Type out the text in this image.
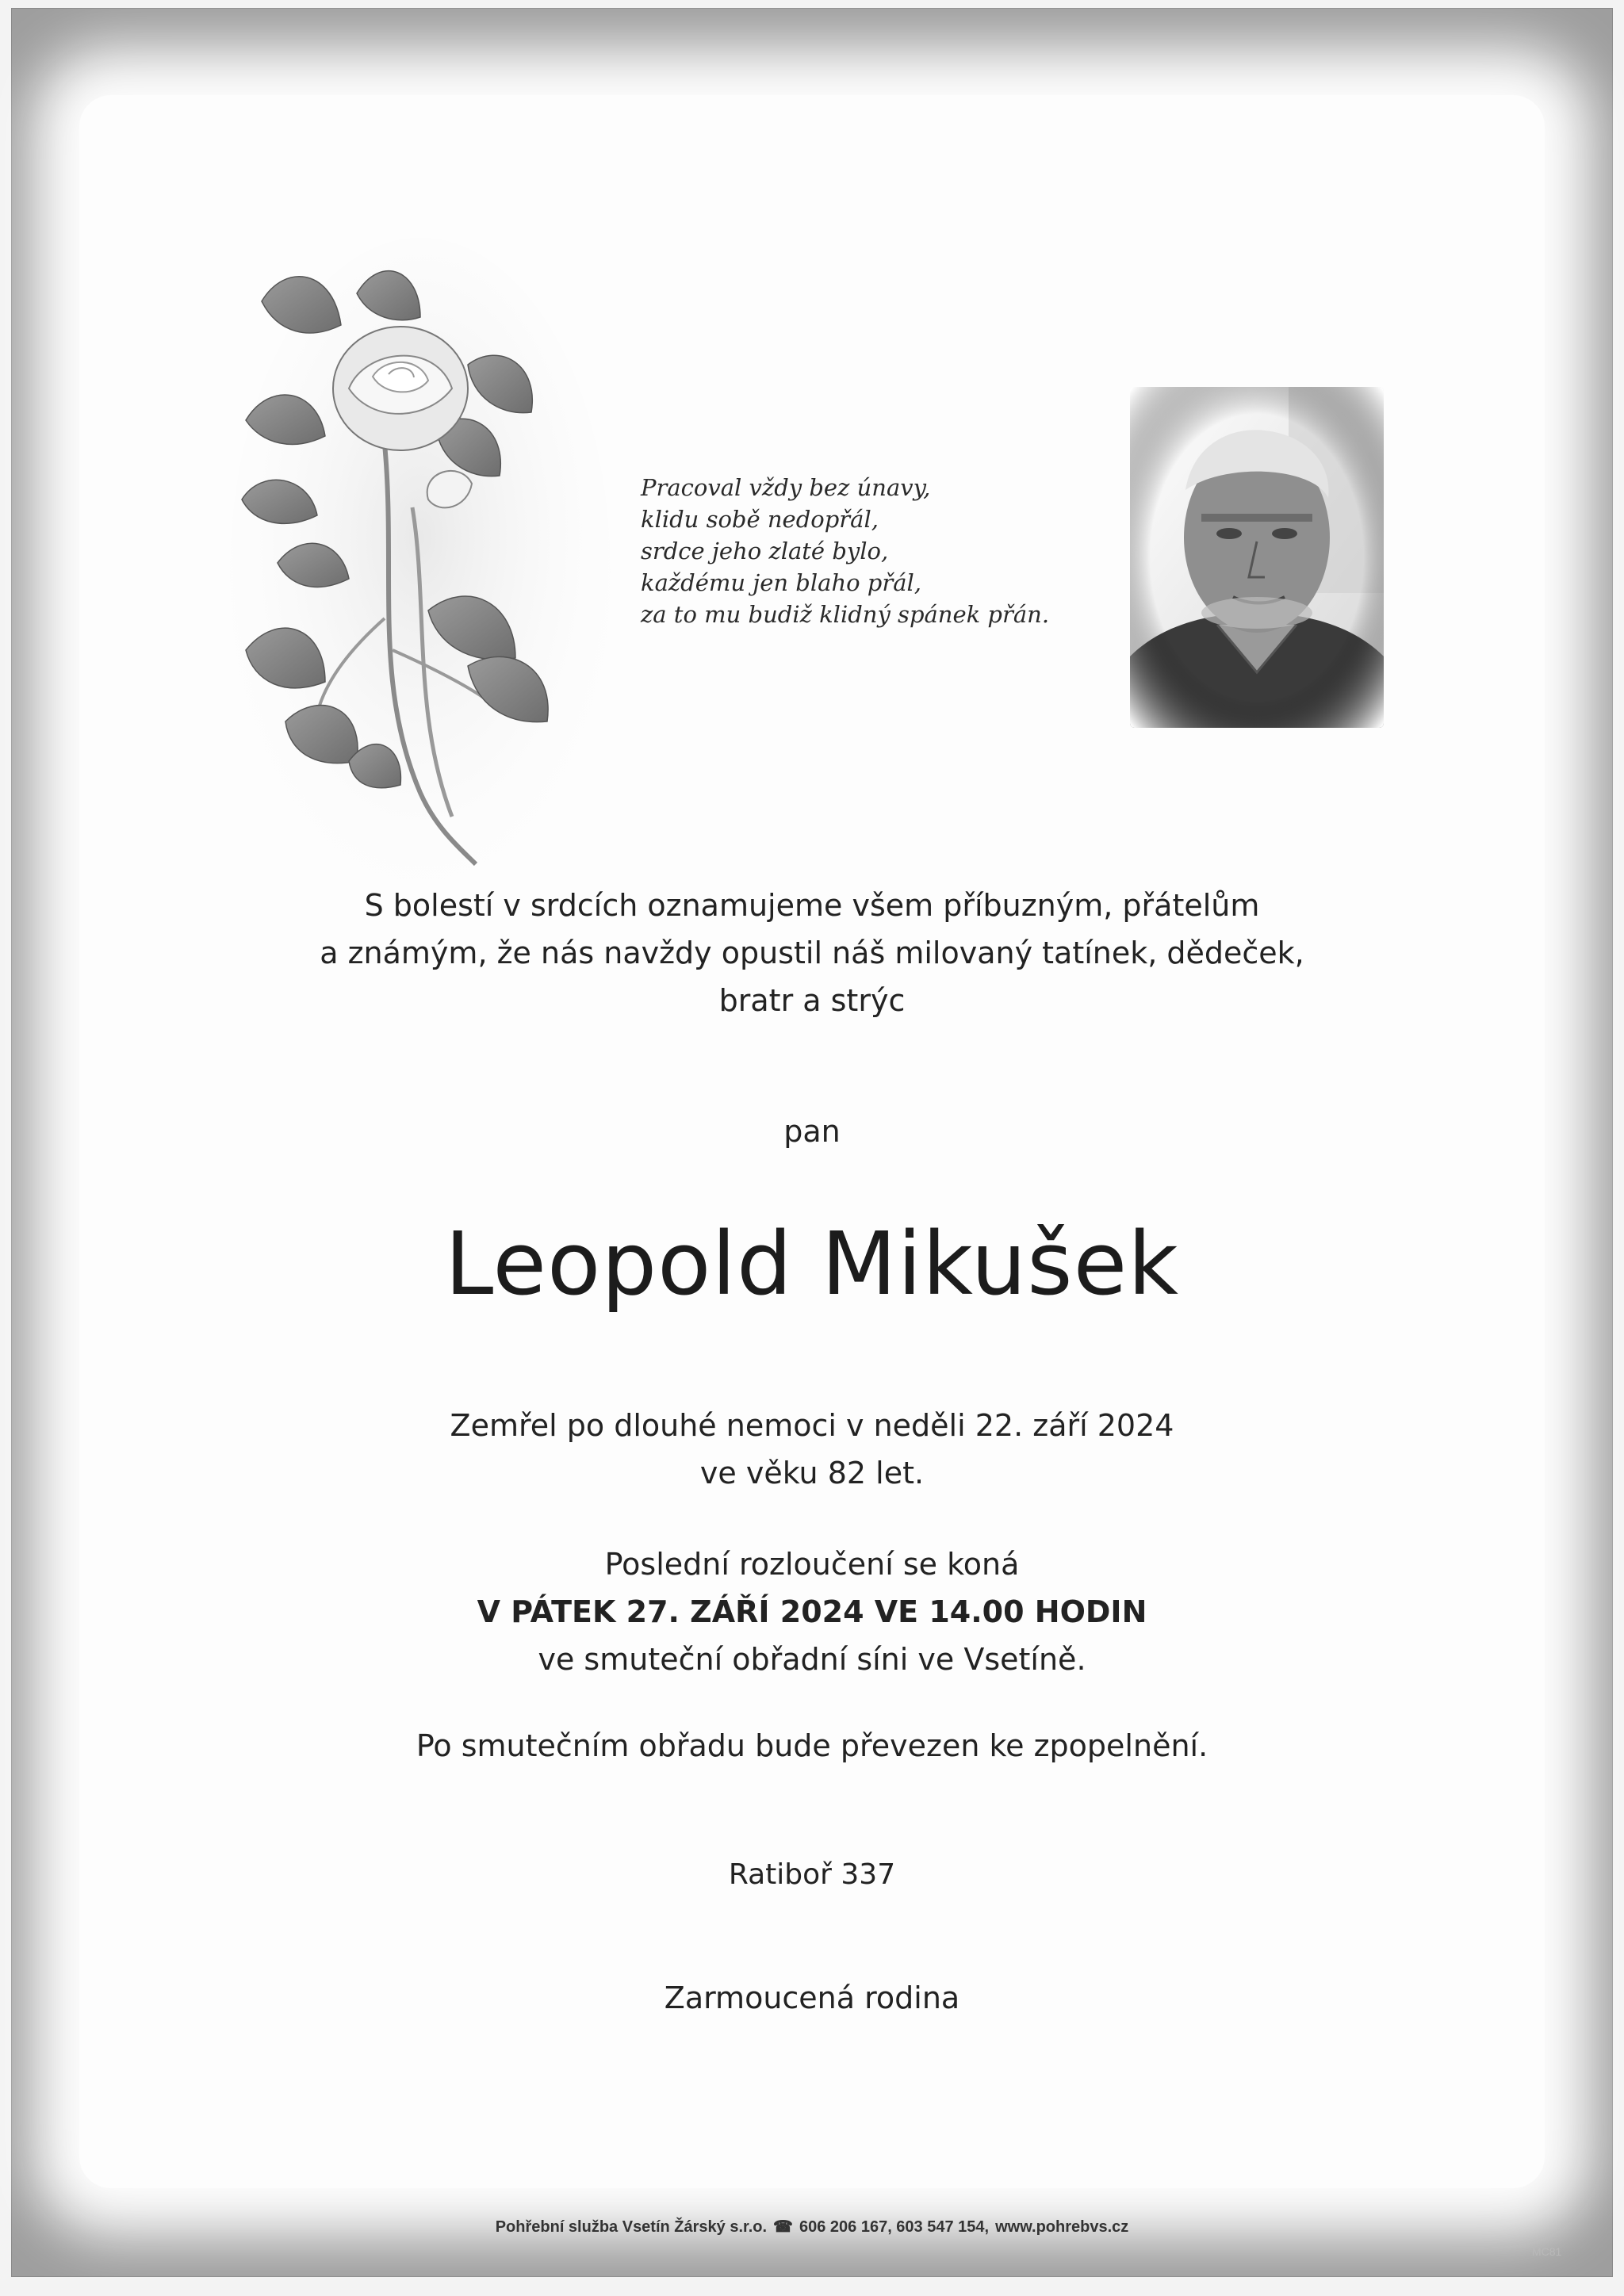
Pracoval vždy bez únavy,
klidu sobě nedopřál,
srdce jeho zlaté bylo,
každému jen blaho přál,
za to mu budiž klidný spánek přán.
S bolestí v srdcích oznamujeme všem příbuzným, přátelům
a známým, že nás navždy opustil náš milovaný tatínek, dědeček,
bratr a strýc
pan
Leopold Mikušek
Zemřel po dlouhé nemoci v neděli 22. září 2024
ve věku 82 let.
Poslední rozloučení se koná
V PÁTEK 27. ZÁŘÍ 2024 VE 14.00 HODIN
ve smuteční obřadní síni ve Vsetíně.
Po smutečním obřadu bude převezen ke zpopelnění.
Ratiboř 337
Zarmoucená rodina
Pohřební služba Vsetín Žárský s.r.o. ☎ 606 206 167, 603 547 154, www.pohrebvs.cz
MC81
